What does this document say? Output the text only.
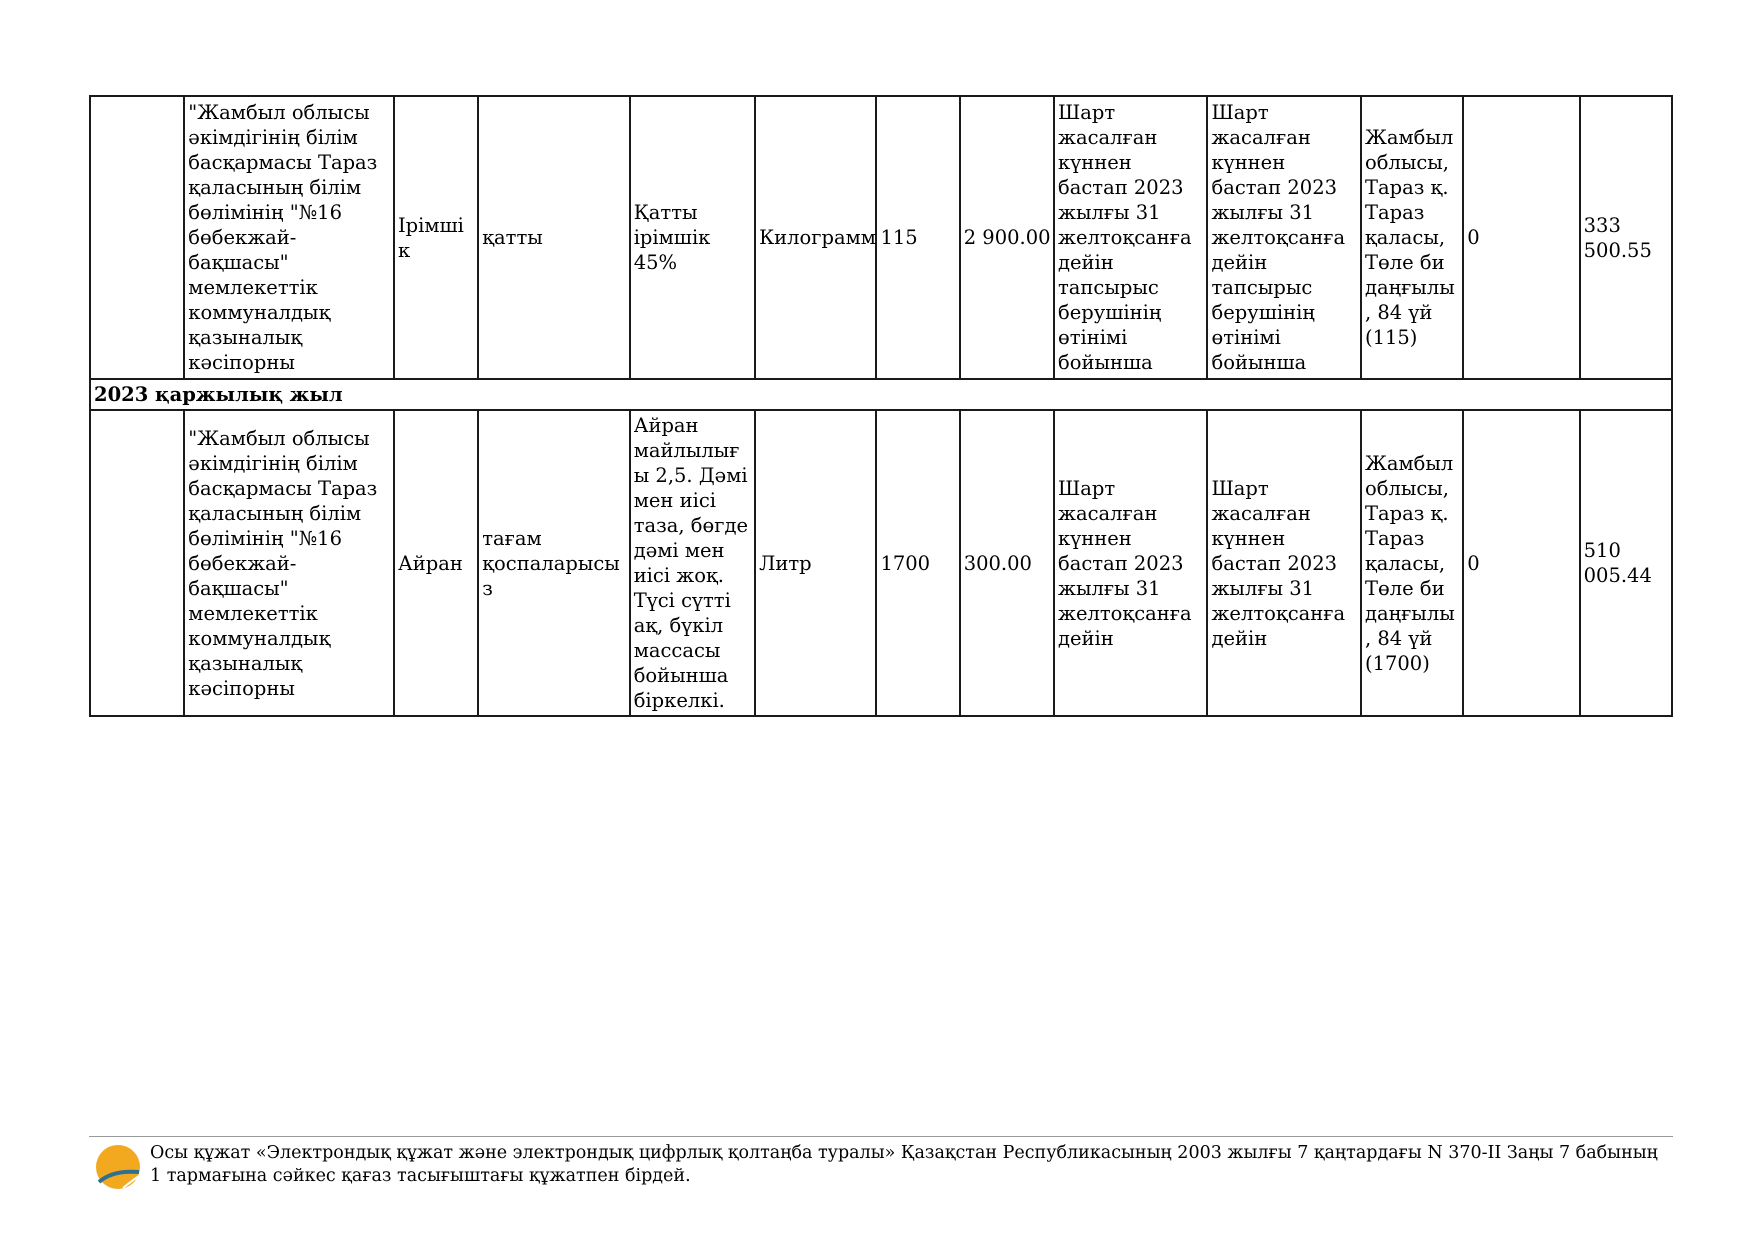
	"Жамбыл облысы әкімдігінің білім басқармасы Тараз қаласының білім бөлімінің "№16 бөбекжай-бақшасы" мемлекеттік коммуналдық қазыналық кәсіпорны	Ірімшік	қатты	Қатты ірімшік 45%	Килограмм	115	2 900.00	Шарт жасалған күннен бастап 2023 жылғы 31 желтоқсанға дейін тапсырыс берушінің өтінімі бойынша	Шарт жасалған күннен бастап 2023 жылғы 31 желтоқсанға дейін тапсырыс берушінің өтінімі бойынша	Жамбыл облысы, Тараз қ. Тараз қаласы, Төле би даңғылы, 84 үй (115)	0	333 500.55
2023 қаржылық жыл												
	"Жамбыл облысы әкімдігінің білім басқармасы Тараз қаласының білім бөлімінің "№16 бөбекжай-бақшасы" мемлекеттік коммуналдық қазыналық кәсіпорны	Айран	тағам қоспаларысыз	Айран майлылығы 2,5. Дәмі мен иісі таза, бөгде дәмі мен иісі жоқ. Түсі сүтті ақ, бүкіл массасы бойынша біркелкі.	Литр	1700	300.00	Шарт жасалған күннен бастап 2023 жылғы 31 желтоқсанға дейін	Шарт жасалған күннен бастап 2023 жылғы 31 желтоқсанға дейін	Жамбыл облысы, Тараз қ. Тараз қаласы, Төле би даңғылы, 84 үй (1700)	0	510 005.44
Осы құжат «Электрондық құжат және электрондық цифрлық қолтаңба туралы» Қазақстан Республикасының 2003 жылғы 7 қаңтардағы N 370-II Заңы 7 бабының 1 тармағына сәйкес қағаз тасығыштағы құжатпен бірдей.
